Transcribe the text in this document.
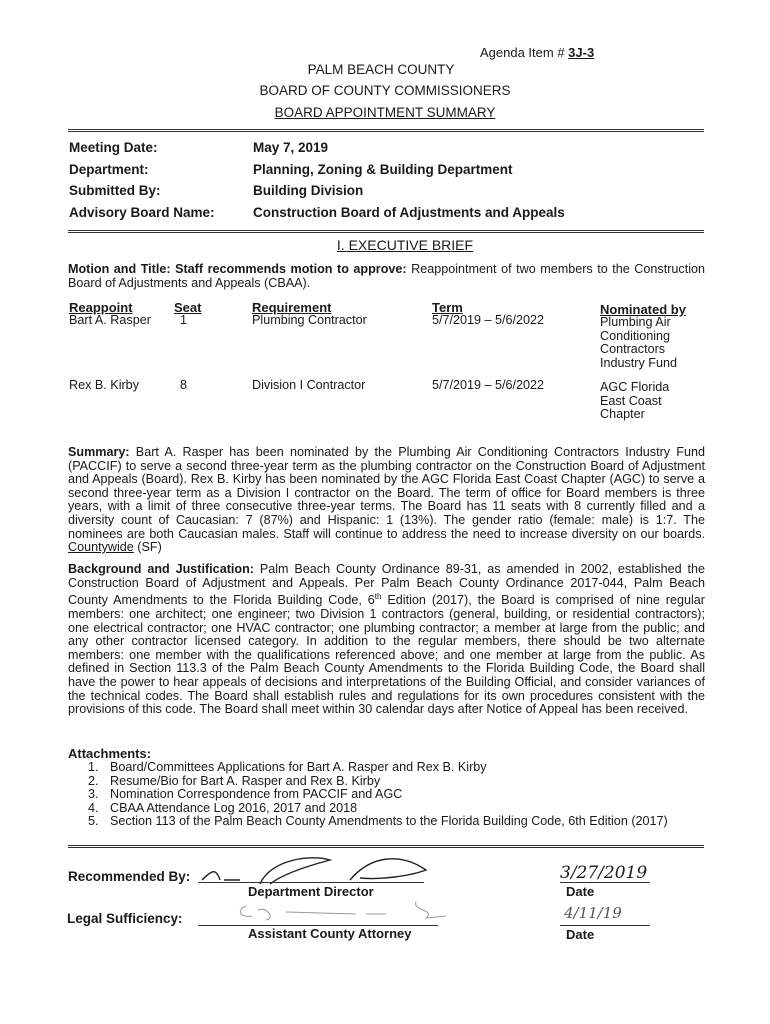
Agenda Item # 3J-3
PALM BEACH COUNTY
BOARD OF COUNTY COMMISSIONERS
BOARD APPOINTMENT SUMMARY
Meeting Date:	May 7, 2019
Department:	Planning, Zoning & Building Department
Submitted By:	Building Division
Advisory Board Name:	Construction Board of Adjustments and Appeals
I. EXECUTIVE BRIEF
Motion and Title: Staff recommends motion to approve: Reappointment of two members to the Construction Board of Adjustments and Appeals (CBAA).
Reappoint	Seat	Requirement	Term	Nominated by
Bart A. Rasper 1	Plumbing Contractor	5/7/2019 – 5/6/2022	Plumbing Air Conditioning Contractors Industry Fund
Rex B. Kirby	8	Division I Contractor	5/7/2019 – 5/6/2022	AGC Florida East Coast Chapter
Summary: Bart A. Rasper has been nominated by the Plumbing Air Conditioning Contractors Industry Fund (PACCIF) to serve a second three-year term as the plumbing contractor on the Construction Board of Adjustment and Appeals (Board). Rex B. Kirby has been nominated by the AGC Florida East Coast Chapter (AGC) to serve a second three-year term as a Division I contractor on the Board. The term of office for Board members is three years, with a limit of three consecutive three-year terms. The Board has 11 seats with 8 currently filled and a diversity count of Caucasian: 7 (87%) and Hispanic: 1 (13%). The gender ratio (female: male) is 1:7. The nominees are both Caucasian males. Staff will continue to address the need to increase diversity on our boards. Countywide (SF)
Background and Justification: Palm Beach County Ordinance 89-31, as amended in 2002, established the Construction Board of Adjustment and Appeals. Per Palm Beach County Ordinance 2017-044, Palm Beach County Amendments to the Florida Building Code, 6th Edition (2017), the Board is comprised of nine regular members: one architect; one engineer; two Division 1 contractors (general, building, or residential contractors); one electrical contractor; one HVAC contractor; one plumbing contractor; a member at large from the public; and any other contractor licensed category. In addition to the regular members, there should be two alternate members: one member with the qualifications referenced above; and one member at large from the public. As defined in Section 113.3 of the Palm Beach County Amendments to the Florida Building Code, the Board shall have the power to hear appeals of decisions and interpretations of the Building Official, and consider variances of the technical codes. The Board shall establish rules and regulations for its own procedures consistent with the provisions of this code. The Board shall meet within 30 calendar days after Notice of Appeal has been received.
Attachments:
1. Board/Committees Applications for Bart A. Rasper and Rex B. Kirby
2. Resume/Bio for Bart A. Rasper and Rex B. Kirby
3. Nomination Correspondence from PACCIF and AGC
4. CBAA Attendance Log 2016, 2017 and 2018
5. Section 113 of the Palm Beach County Amendments to the Florida Building Code, 6th Edition (2017)
Recommended By:
Department Director
3/27/2019
Date
Legal Sufficiency:
Assistant County Attorney
4/11/19
Date
